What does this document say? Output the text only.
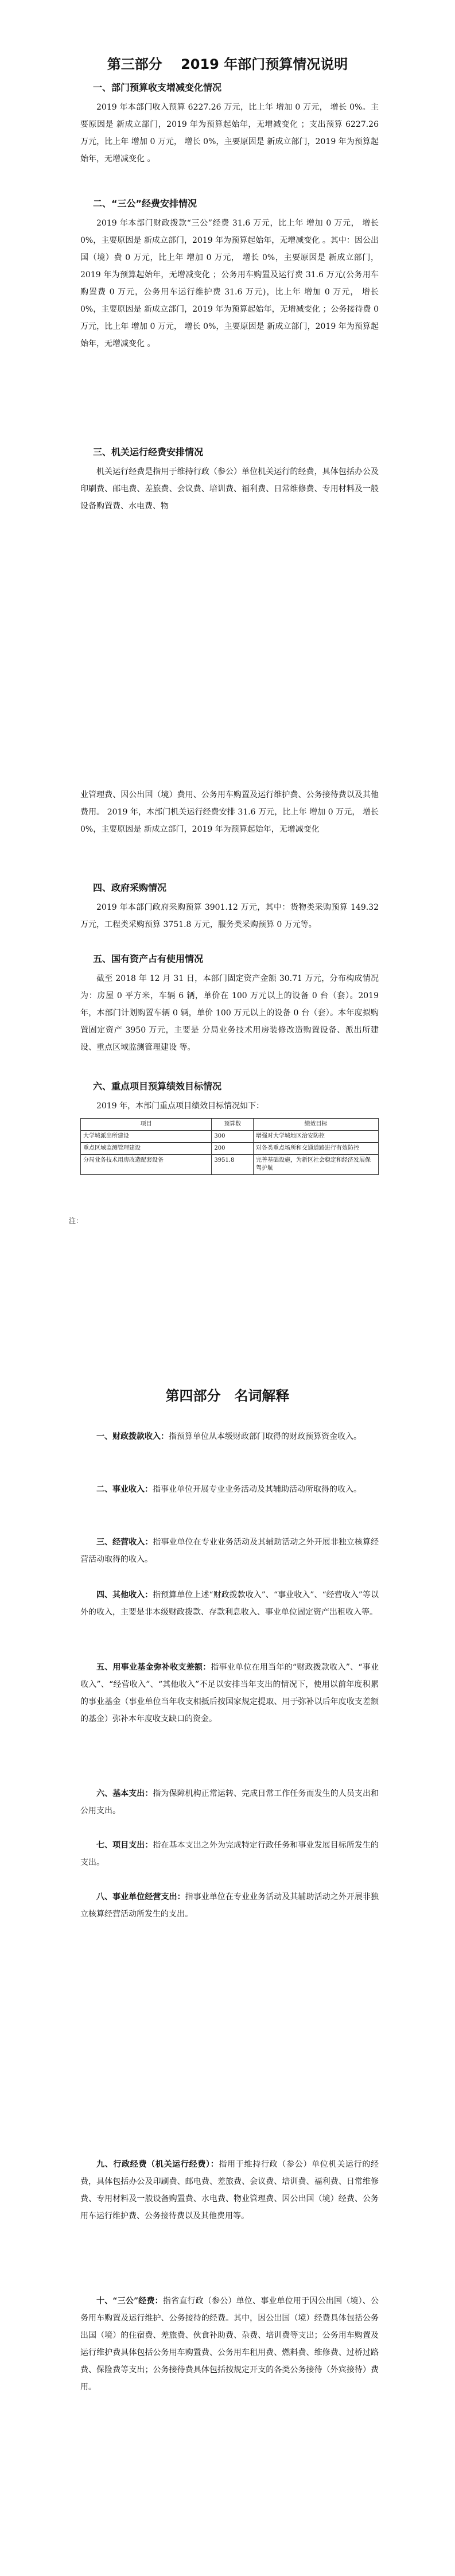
第三部分　 2019 年部门预算情况说明
一、部门预算收支增减变化情况

2019 年本部门收入预算 6227.26 万元，比上年 增加 0 万元， 增长 0%。主要原因是 新成立部门，2019 年为预算起始年，无增减变化 ；支出预算 6227.26 万元，比上年 增加 0 万元， 增长 0%，主要原因是 新成立部门，2019 年为预算起始年，无增减变化 。

二、“三公”经费安排情况

2019 年本部门财政拨款“三公”经费 31.6 万元，比上年 增加 0 万元， 增长 0%，主要原因是 新成立部门，2019 年为预算起始年，无增减变化 。其中：因公出国（境）费 0 万元，比上年 增加 0 万元， 增长 0%，主要原因是 新成立部门，2019 年为预算起始年，无增减变化 ；公务用车购置及运行费 31.6 万元(公务用车购置费 0 万元，公务用车运行维护费 31.6 万元)，比上年 增加 0 万元， 增长 0%，主要原因是 新成立部门，2019 年为预算起始年，无增减变化 ；公务接待费 0 万元，比上年 增加 0 万元， 增长 0%，主要原因是 新成立部门，2019 年为预算起始年，无增减变化 。

三、机关运行经费安排情况

机关运行经费是指用于维持行政（参公）单位机关运行的经费，具体包括办公及印刷费、邮电费、差旅费、会议费、培训费、福利费、日常维修费、专用材料及一般设备购置费、水电费、物

业管理费、因公出国（境）费用、公务用车购置及运行维护费、公务接待费以及其他费用。 2019 年，本部门机关运行经费安排 31.6 万元，比上年 增加 0 万元， 增长 0%，主要原因是 新成立部门，2019 年为预算起始年，无增减变化

四、政府采购情况

2019 年本部门政府采购预算 3901.12 万元，其中：货物类采购预算 149.32 万元，工程类采购预算 3751.8 万元，服务类采购预算 0 万元等。

五、国有资产占有使用情况

截至 2018 年 12 月 31 日，本部门固定资产金额 30.71 万元，分布构成情况为：房屋 0 平方米，车辆 6 辆，单价在 100 万元以上的设备 0 台（套）。2019 年，本部门计划购置车辆 0 辆，单价 100 万元以上的设备 0 台（套）。本年度拟购置固定资产 3950 万元，主要是 分局业务技术用房装修改造购置设备、派出所建设、重点区域监测管理建设 等。

六、重点项目预算绩效目标情况

2019 年，本部门重点项目绩效目标情况如下：

项目	预算数	绩效目标
大学城派出所建设	300	增强对大学城地区治安防控
重点区域监测管理建设	200	对各类重点场所和交通道路进行有效防控
分局业务技术用房改造配套设备	3951.8	完善基础设施，为新区社会稳定和经济发展保驾护航
注：
第四部分　名词解释

一、财政拨款收入：指预算单位从本级财政部门取得的财政预算资金收入。

二、事业收入：指事业单位开展专业业务活动及其辅助活动所取得的收入。

三、经营收入：指事业单位在专业业务活动及其辅助活动之外开展非独立核算经营活动取得的收入。

四、其他收入：指预算单位上述“财政拨款收入”、“事业收入”、“经营收入”等以外的收入，主要是非本级财政拨款、存款利息收入、事业单位固定资产出租收入等。

五、用事业基金弥补收支差额：指事业单位在用当年的“财政拨款收入”、“事业收入”、“经营收入”、“其他收入”不足以安排当年支出的情况下，使用以前年度积累的事业基金（事业单位当年收支相抵后按国家规定提取、用于弥补以后年度收支差额的基金）弥补本年度收支缺口的资金。

六、基本支出：指为保障机构正常运转、完成日常工作任务而发生的人员支出和公用支出。

七、项目支出：指在基本支出之外为完成特定行政任务和事业发展目标所发生的支出。

八、事业单位经营支出：指事业单位在专业业务活动及其辅助活动之外开展非独立核算经营活动所发生的支出。

九、行政经费（机关运行经费）：指用于维持行政（参公）单位机关运行的经费，具体包括办公及印刷费、邮电费、差旅费、会议费、培训费、福利费、日常维修费、专用材料及一般设备购置费、水电费、物业管理费、因公出国（境）经费、公务用车运行维护费、公务接待费以及其他费用等。

十、“三公”经费：指省直行政（参公）单位、事业单位用于因公出国（境）、公务用车购置及运行维护、公务接待的经费。其中，因公出国（境）经费具体包括公务出国（境）的住宿费、差旅费、伙食补助费、杂费、培训费等支出；公务用车购置及运行维护费具体包括公务用车购置费、公务用车租用费、燃料费、维修费、过桥过路费、保险费等支出；公务接待费具体包括按规定开支的各类公务接待（外宾接待）费用。
